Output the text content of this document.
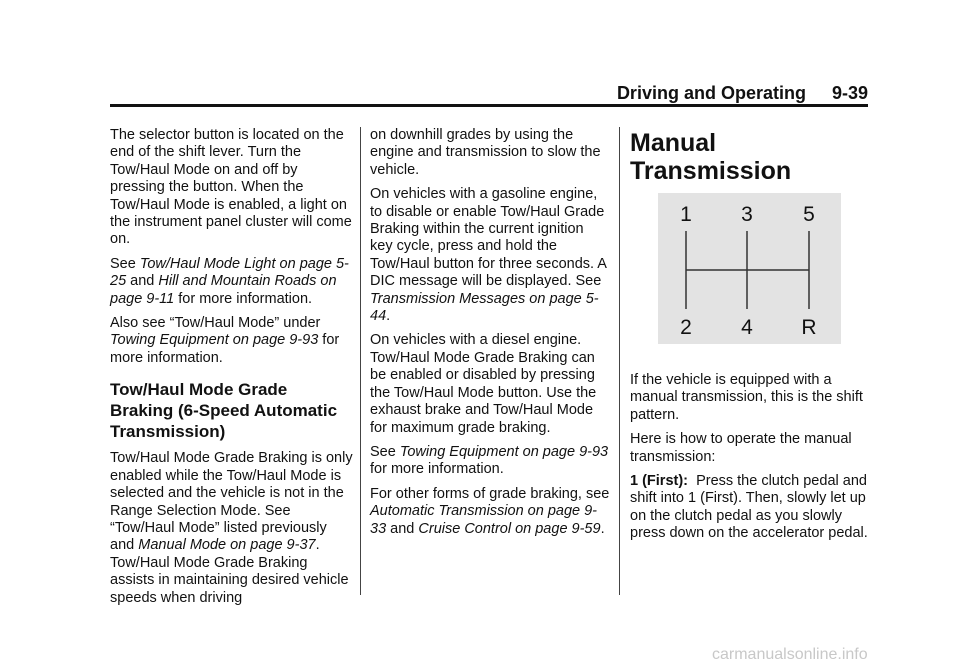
Driving and Operating 9-39

The selector button is located on the end of the shift lever. Turn the Tow/Haul Mode on and off by pressing the button. When the Tow/Haul Mode is enabled, a light on the instrument panel cluster will come on.

See Tow/Haul Mode Light on page 5-25 and Hill and Mountain Roads on page 9-11 for more information.

Also see “Tow/Haul Mode” under Towing Equipment on page 9-93 for more information.

Tow/Haul Mode Grade Braking (6-Speed Automatic Transmission)

Tow/Haul Mode Grade Braking is only enabled while the Tow/Haul Mode is selected and the vehicle is not in the Range Selection Mode. See “Tow/Haul Mode” listed previously and Manual Mode on page 9-37. Tow/Haul Mode Grade Braking assists in maintaining desired vehicle speeds when driving

on downhill grades by using the engine and transmission to slow the vehicle.

On vehicles with a gasoline engine, to disable or enable Tow/Haul Grade Braking within the current ignition key cycle, press and hold the Tow/Haul button for three seconds. A DIC message will be displayed. See Transmission Messages on page 5-44.

On vehicles with a diesel engine. Tow/Haul Mode Grade Braking can be enabled or disabled by pressing the Tow/Haul Mode button. Use the exhaust brake and Tow/Haul Mode for maximum grade braking.

See Towing Equipment on page 9-93 for more information.

For other forms of grade braking, see Automatic Transmission on page 9-33 and Cruise Control on page 9-59.

Manual Transmission
1 3 5
2 4 R

If the vehicle is equipped with a manual transmission, this is the shift pattern.

Here is how to operate the manual transmission:

1 (First): Press the clutch pedal and shift into 1 (First). Then, slowly let up on the clutch pedal as you slowly press down on the accelerator pedal.

carmanualsonline.info
